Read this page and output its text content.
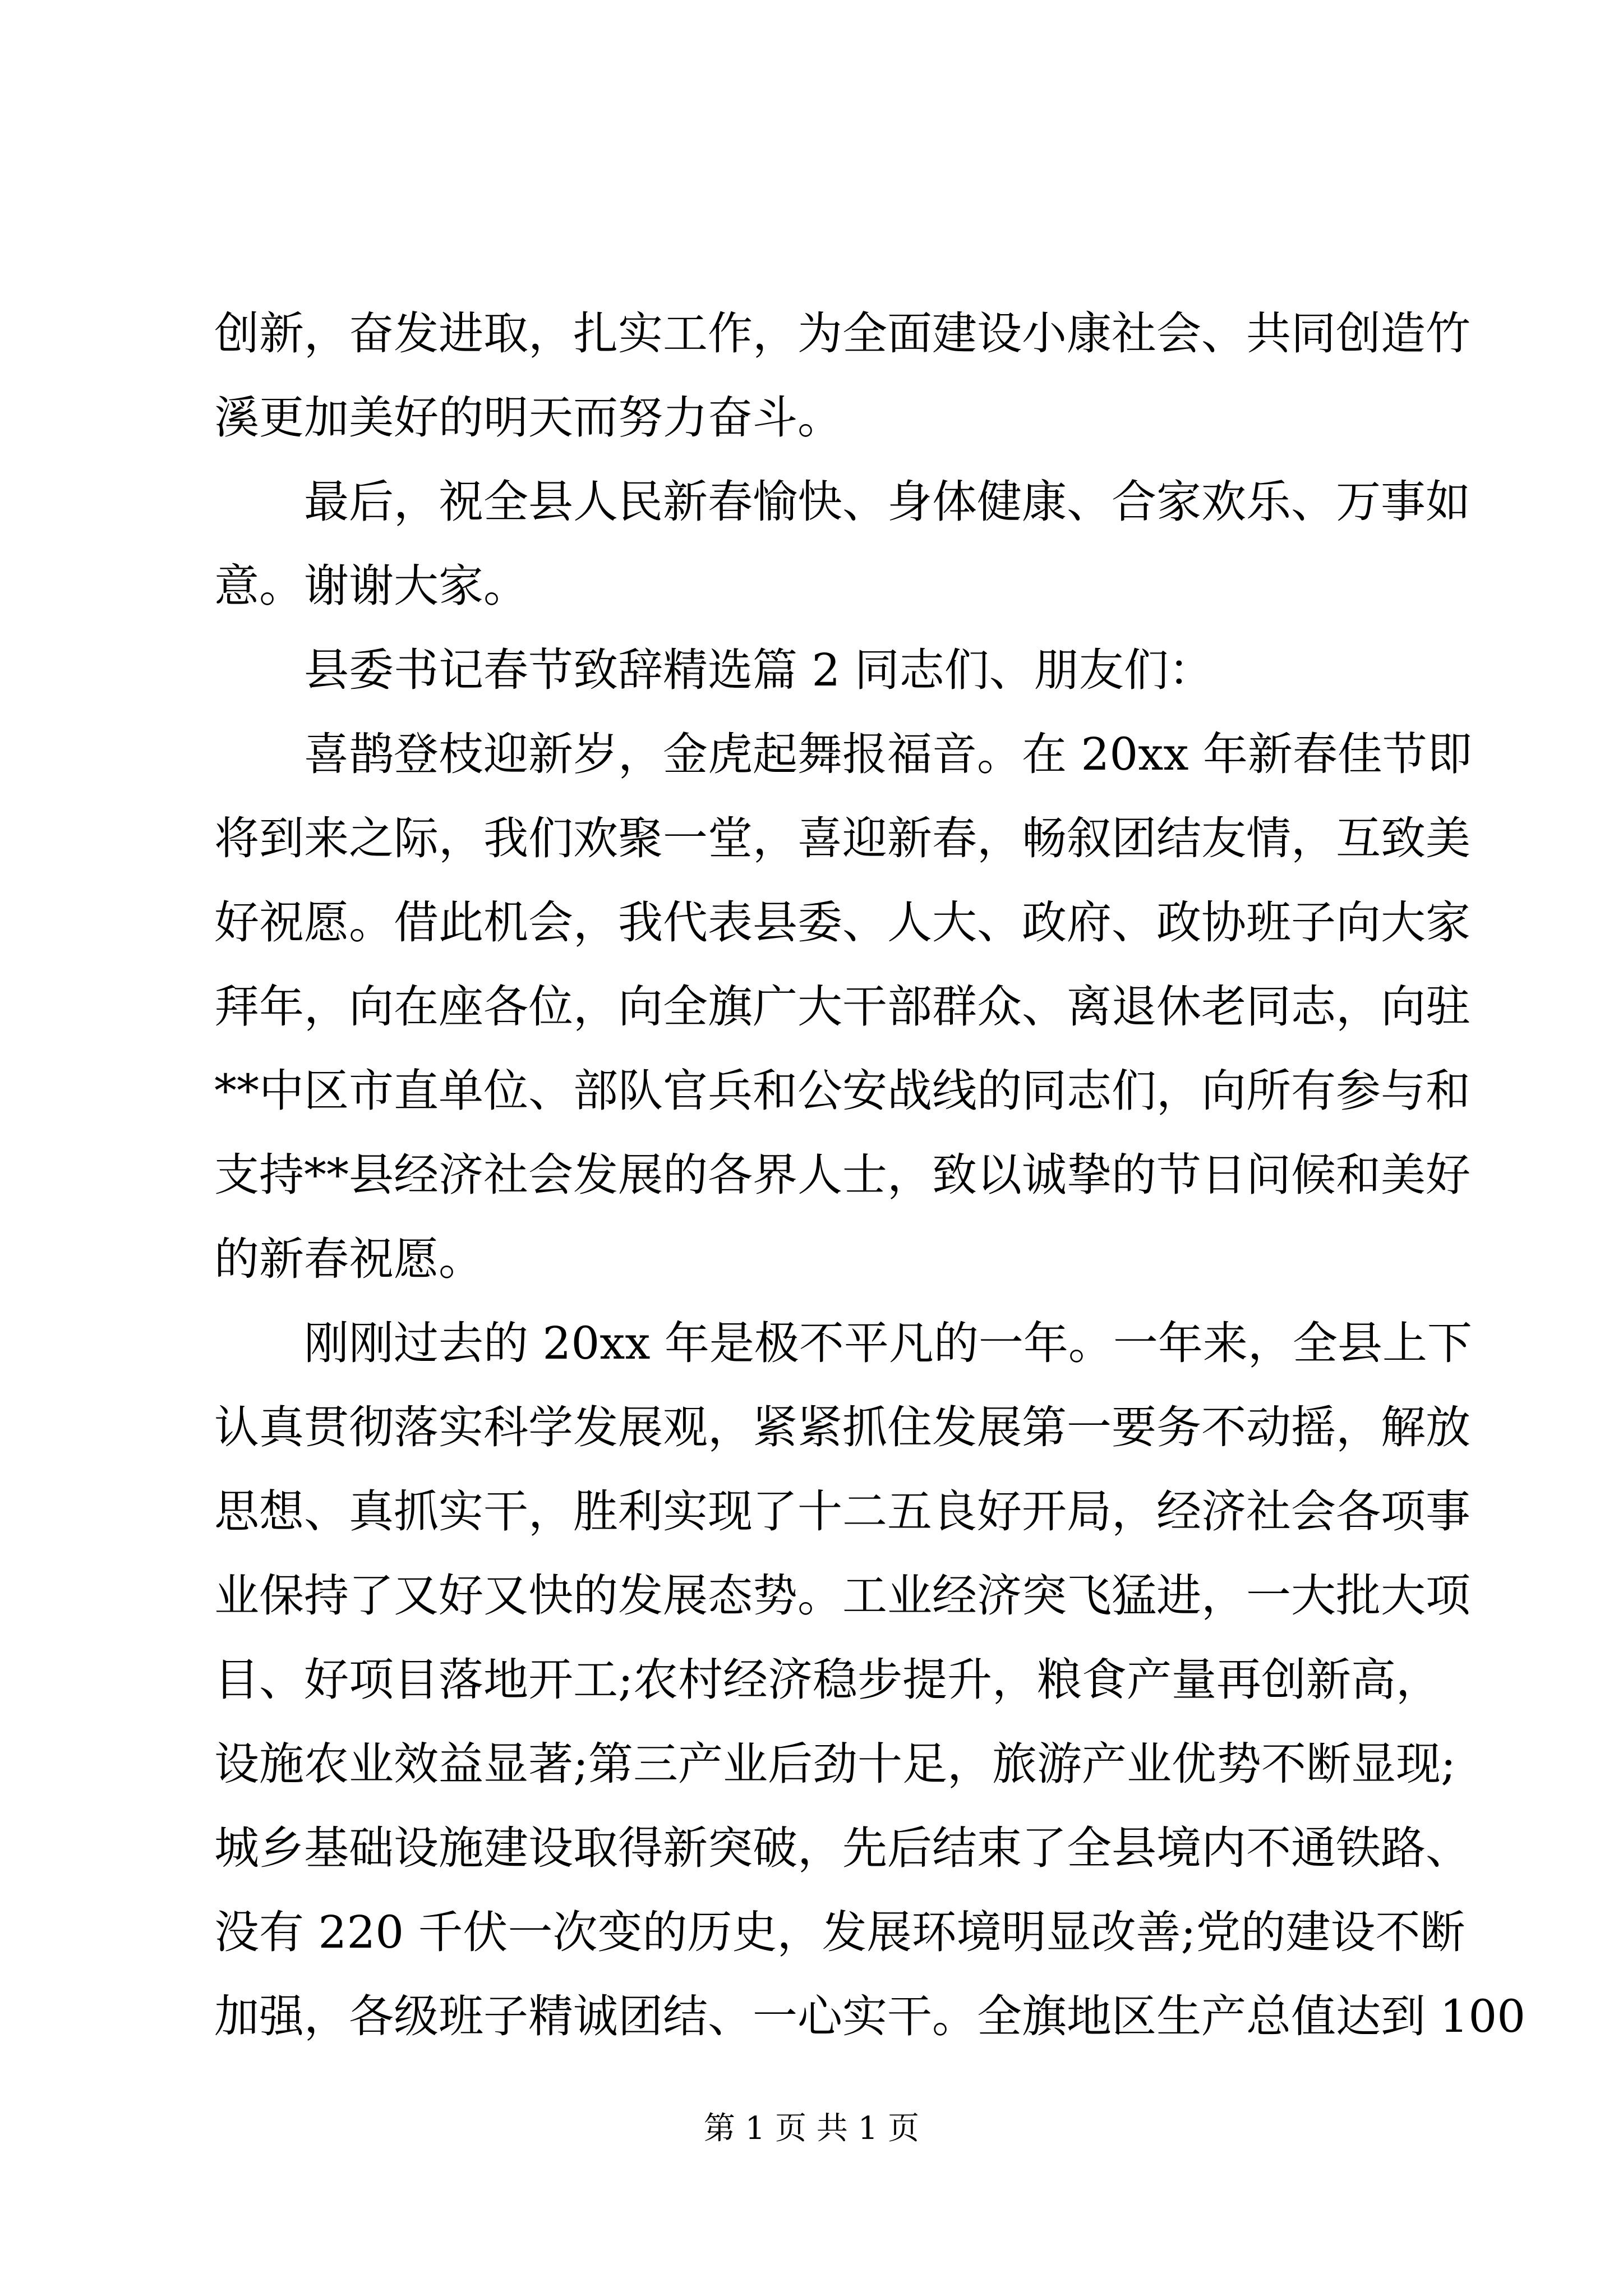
创新，奋发进取，扎实工作，为全面建设小康社会、共同创造竹
溪更加美好的明天而努力奋斗。

最后，祝全县人民新春愉快、身体健康、合家欢乐、万事如
意。谢谢大家。

县委书记春节致辞精选篇 2 同志们、朋友们：

喜鹊登枝迎新岁，金虎起舞报福音。在 20xx 年新春佳节即
将到来之际，我们欢聚一堂，喜迎新春，畅叙团结友情，互致美
好祝愿。借此机会，我代表县委、人大、政府、政协班子向大家
拜年，向在座各位，向全旗广大干部群众、离退休老同志，向驻
**中区市直单位、部队官兵和公安战线的同志们，向所有参与和
支持**县经济社会发展的各界人士，致以诚挚的节日问候和美好
的新春祝愿。

刚刚过去的 20xx 年是极不平凡的一年。一年来，全县上下
认真贯彻落实科学发展观，紧紧抓住发展第一要务不动摇，解放
思想、真抓实干，胜利实现了十二五良好开局，经济社会各项事
业保持了又好又快的发展态势。工业经济突飞猛进，一大批大项
目、好项目落地开工;农村经济稳步提升，粮食产量再创新高，
设施农业效益显著;第三产业后劲十足，旅游产业优势不断显现;
城乡基础设施建设取得新突破，先后结束了全县境内不通铁路、
没有 220 千伏一次变的历史，发展环境明显改善;党的建设不断
加强，各级班子精诚团结、一心实干。全旗地区生产总值达到 100

第 1 页 共 1 页
